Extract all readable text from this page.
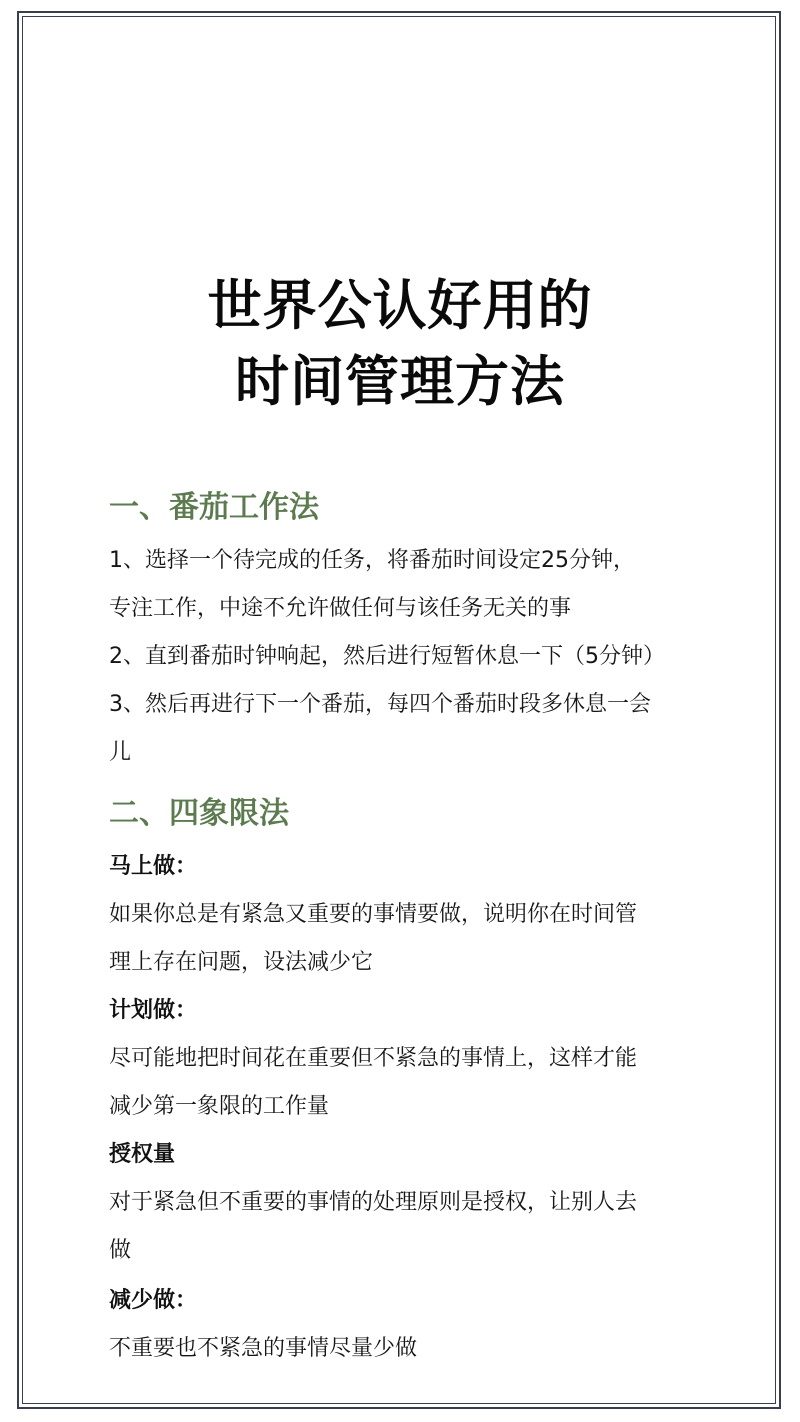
世界公认好用的
时间管理方法
一、番茄工作法
1、选择一个待完成的任务，将番茄时间设定25分钟，
专注工作，中途不允许做任何与该任务无关的事
2、直到番茄时钟响起，然后进行短暂休息一下（5分钟）
3、然后再进行下一个番茄，每四个番茄时段多休息一会
儿
二、四象限法
马上做：
如果你总是有紧急又重要的事情要做，说明你在时间管
理上存在问题，设法减少它
计划做：
尽可能地把时间花在重要但不紧急的事情上，这样才能
减少第一象限的工作量
授权量
对于紧急但不重要的事情的处理原则是授权，让别人去
做
减少做：
不重要也不紧急的事情尽量少做
